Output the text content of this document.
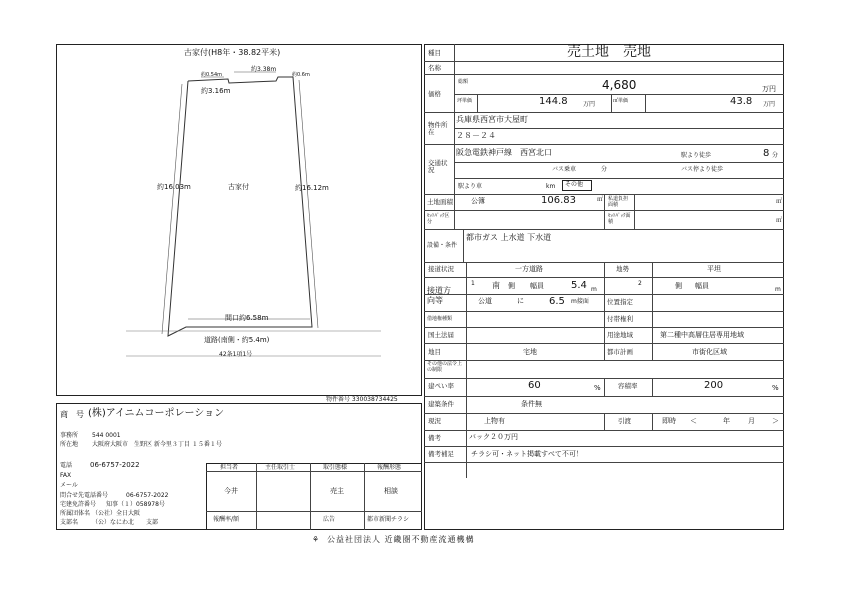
古家付(H8年・38.82平米)
約0.54m
約3.38m
約0.6m
約3.16m
約16.03m	古家付	約16.12m
間口約6.58m
道路(南側・約5.4m)
42条1項1号
物件番号 330038734425
商　号 (株)アイニムコーポレーション
事務所 544 0001
所在地 大阪府大阪市　生野区 新今里３丁目 １５番１号
電話	06-6757-2022
FAX
メール
問合せ先電話番号	06-6757-2022
宅建免許番号 知事（１）058978号
所属団体名 （公社）全日大阪
支部名 （公）なにわ北　　支部
担当者	主任取引士	取引態様	報酬形態
今井	売主	相談
報酬率/額	広告	都市新聞チラシ
種目	売土地　売地
名称
価格
総額	4,680	万円
坪単価	144.8	万円	㎡単価	43.8 万円
物件所在
兵庫県西宮市大屋町
２８－２４
交通状況
阪急電鉄神戸線　西宮北口	駅より徒歩	8 分
バス乗車	分	バス停より徒歩
駅より車	km その他
土地面積	公簿	106.83	㎡ 私道負担面積	㎡
ｾｯﾄﾊﾞｯｸ区分
ｾｯﾄﾊﾞｯｸ面積	㎡
設備・条件
都市ガス 上水道 下水道
接道状況	一方道路	地勢	平坦
接道方向等
1 南 側 幅員	5.4 m
2	側 幅員	m
公道	に	6.5 m接面	位置指定
借地権種類	付帯権利
国土法届	用途地域	第二種中高層住居専用地域
地目	宅地	都市計画	市街化区域
その他の法令上の制限
建ぺい率	60	%	容積率	200	%
建築条件	条件無
現況	上物有	引渡	即時 ＜	年	月 ＞
備考	バック２０万円
備考補足 チラシ可・ネット掲載すべて不可！
⚘ 公益社団法人 近畿圏不動産流通機構
